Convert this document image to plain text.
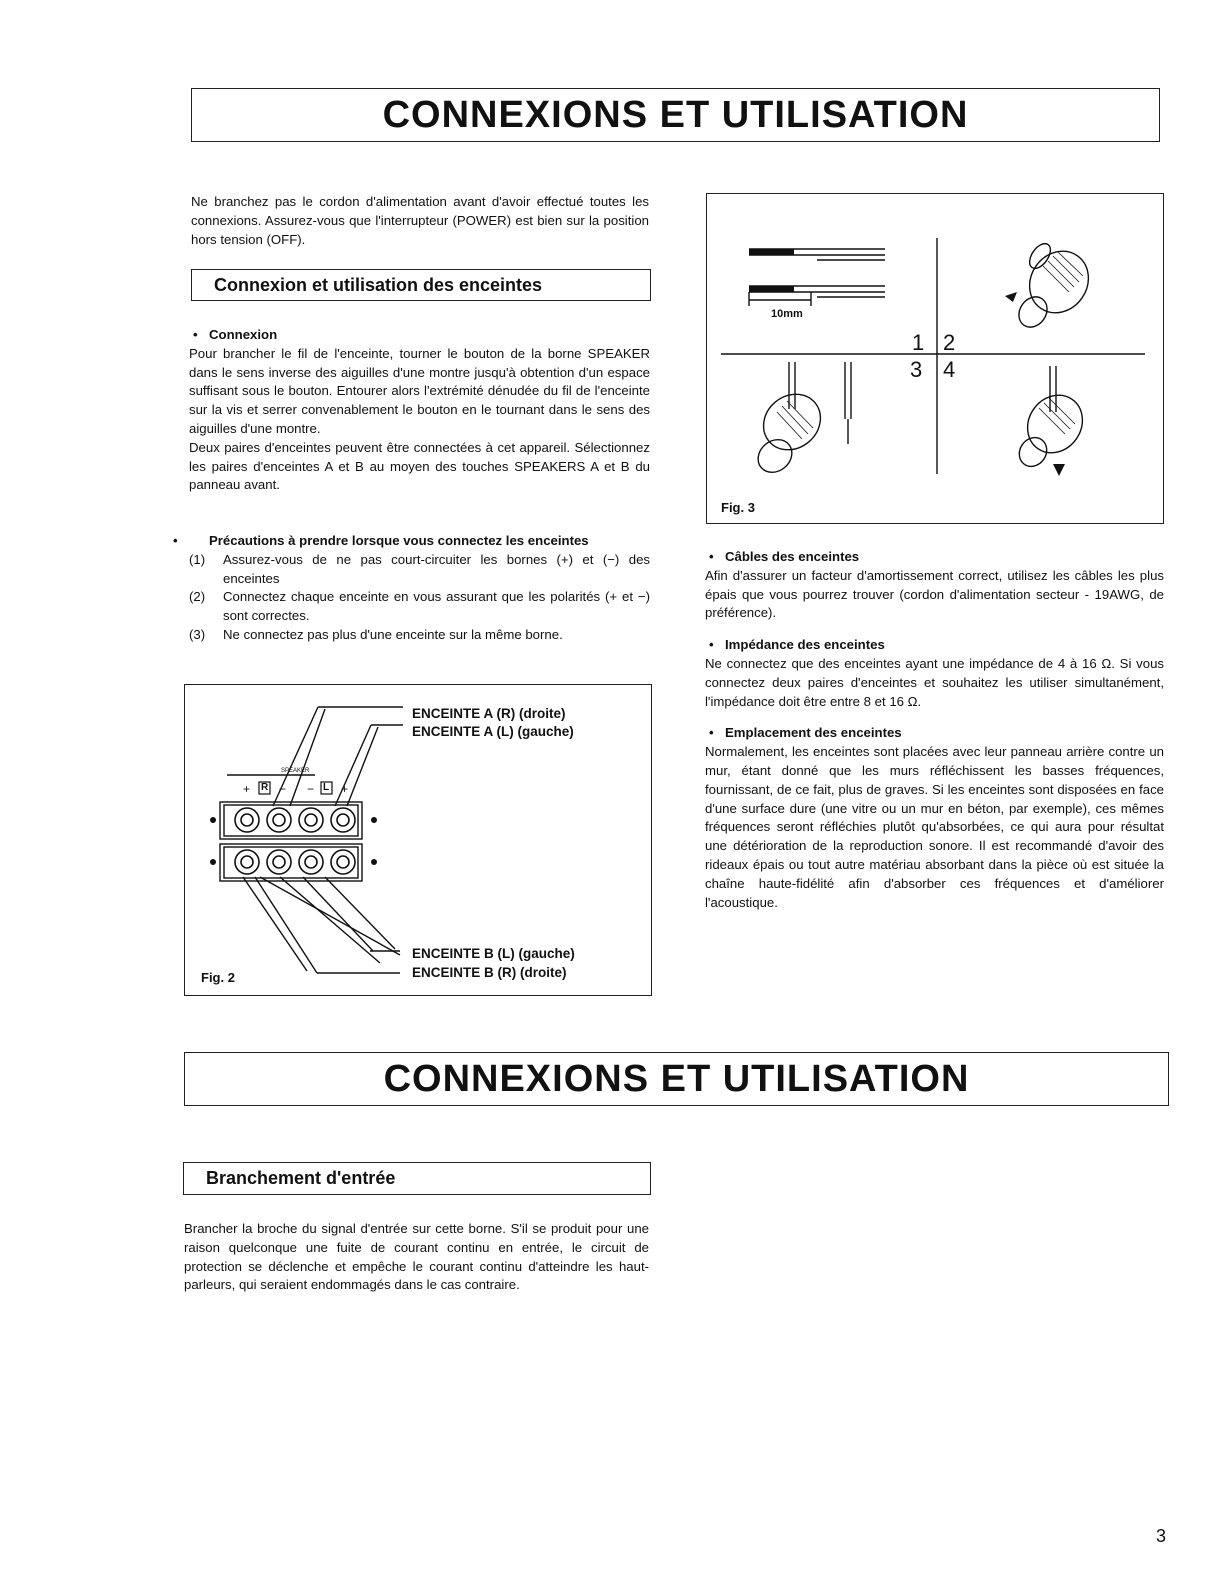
CONNEXIONS ET UTILISATION

Ne branchez pas le cordon d'alimentation avant d'avoir effectué toutes les connexions. Assurez-vous que l'interrupteur (POWER) est bien sur la position hors tension (OFF).

Connexion et utilisation des enceintes

• Connexion

Pour brancher le fil de l'enceinte, tourner le bouton de la borne SPEAKER dans le sens inverse des aiguilles d'une montre jusqu'à obtention d'un espace suffisant sous le bouton. Entourer alors l'extrémité dénudée du fil de l'enceinte sur la vis et serrer convenablement le bouton en le tournant dans le sens des aiguilles d'une montre.

Deux paires d'enceintes peuvent être connectées à cet appareil. Sélectionnez les paires d'enceintes A et B au moyen des touches SPEAKERS A et B du panneau avant.

• Précautions à prendre lorsque vous connectez les enceintes

(1) Assurez-vous de ne pas court-circuiter les bornes (+) et (−) des enceintes
(2) Connectez chaque enceinte en vous assurant que les polarités (+ et −) sont correctes.
(3) Ne connectez pas plus d'une enceinte sur la même borne.
SPEAKER
+ R − − L +
ENCEINTE A (R) (droite)
ENCEINTE A (L) (gauche)
ENCEINTE B (L) (gauche)
ENCEINTE B (R) (droite)
Fig. 2
10mm
1 2
3 4
Fig. 3

• Câbles des enceintes

Afin d'assurer un facteur d'amortissement correct, utilisez les câbles les plus épais que vous pourrez trouver (cordon d'alimentation secteur - 19AWG, de préférence).

• Impédance des enceintes

Ne connectez que des enceintes ayant une impédance de 4 à 16 Ω. Si vous connectez deux paires d'enceintes et souhaitez les utiliser simultanément, l'impédance doit être entre 8 et 16 Ω.

• Emplacement des enceintes

Normalement, les enceintes sont placées avec leur panneau arrière contre un mur, étant donné que les murs réfléchissent les basses fréquences, fournissant, de ce fait, plus de graves. Si les enceintes sont disposées en face d'une surface dure (une vitre ou un mur en béton, par exemple), ces mêmes fréquences seront réfléchies plutôt qu'absorbées, ce qui aura pour résultat une détérioration de la reproduction sonore. Il est recommandé d'avoir des rideaux épais ou tout autre matériau absorbant dans la pièce où est située la chaîne haute-fidélité afin d'absorber ces fréquences et d'améliorer l'acoustique.

CONNEXIONS ET UTILISATION
Branchement d'entrée

Brancher la broche du signal d'entrée sur cette borne. S'il se produit pour une raison quelconque une fuite de courant continu en entrée, le circuit de protection se déclenche et empêche le courant continu d'atteindre les haut-parleurs, qui seraient endommagés dans le cas contraire.

3
